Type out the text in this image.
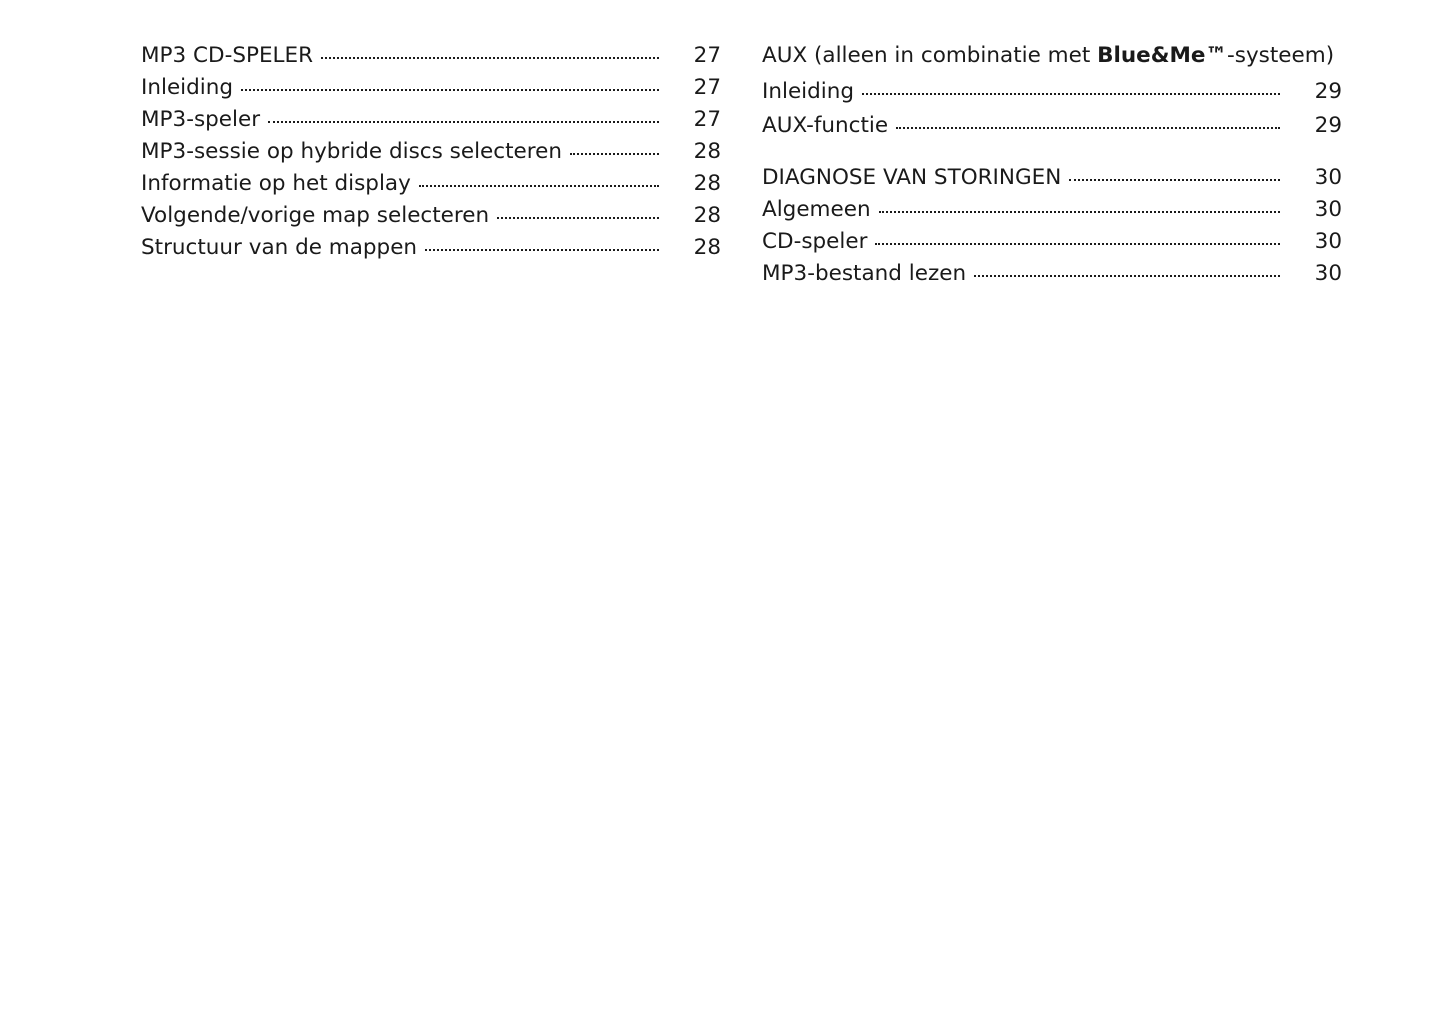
MP3 CD-SPELER	27
Inleiding	27
MP3-speler	27
MP3-sessie op hybride discs selecteren	28
Informatie op het display	28
Volgende/vorige map selecteren	28
Structuur van de mappen	28
AUX (alleen in combinatie met Blue&Me™-systeem)
Inleiding	29
AUX-functie	29
DIAGNOSE VAN STORINGEN	30
Algemeen	30
CD-speler	30
MP3-bestand lezen	30
